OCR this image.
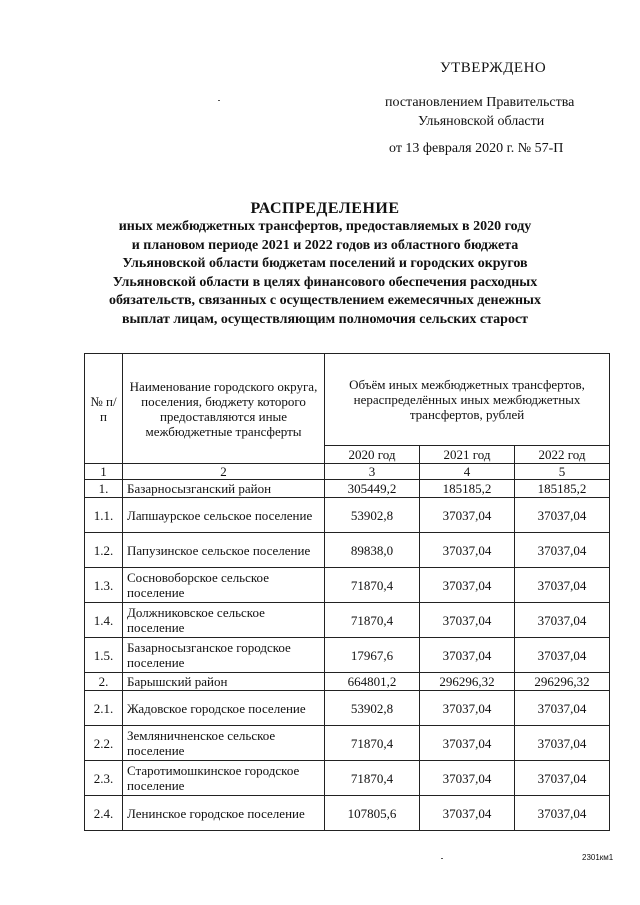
УТВЕРЖДЕНО
постановлением Правительства
Ульяновской области
от 13 февраля 2020 г. № 57-П
РАСПРЕДЕЛЕНИЕ
иных межбюджетных трансфертов, предоставляемых в 2020 году
и плановом периоде 2021 и 2022 годов из областного бюджета
Ульяновской области бюджетам поселений и городских округов
Ульяновской области в целях финансового обеспечения расходных
обязательств, связанных с осуществлением ежемесячных денежных
выплат лицам, осуществляющим полномочия сельских старост
№ п/п	Наименование городского округа, поселения, бюджету которого предоставляются иные межбюджетные трансферты	Объём иных межбюджетных трансфертов, нераспределённых иных межбюджетных трансфертов, рублей		
		2020 год	2021 год	2022 год
1	2	3	4	5
1.	Базарносызганский район	305449,2	185185,2	185185,2
1.1.	Лапшаурское сельское поселение	53902,8	37037,04	37037,04
1.2.	Папузинское сельское поселение	89838,0	37037,04	37037,04
1.3.	Сосновоборское сельское поселение	71870,4	37037,04	37037,04
1.4.	Должниковское сельское поселение	71870,4	37037,04	37037,04
1.5.	Базарносызганское городское поселение	17967,6	37037,04	37037,04
2.	Барышский район	664801,2	296296,32	296296,32
2.1.	Жадовское городское поселение	53902,8	37037,04	37037,04
2.2.	Земляничненское сельское поселение	71870,4	37037,04	37037,04
2.3.	Старотимошкинское городское поселение	71870,4	37037,04	37037,04
2.4.	Ленинское городское поселение	107805,6	37037,04	37037,04
2301км1
